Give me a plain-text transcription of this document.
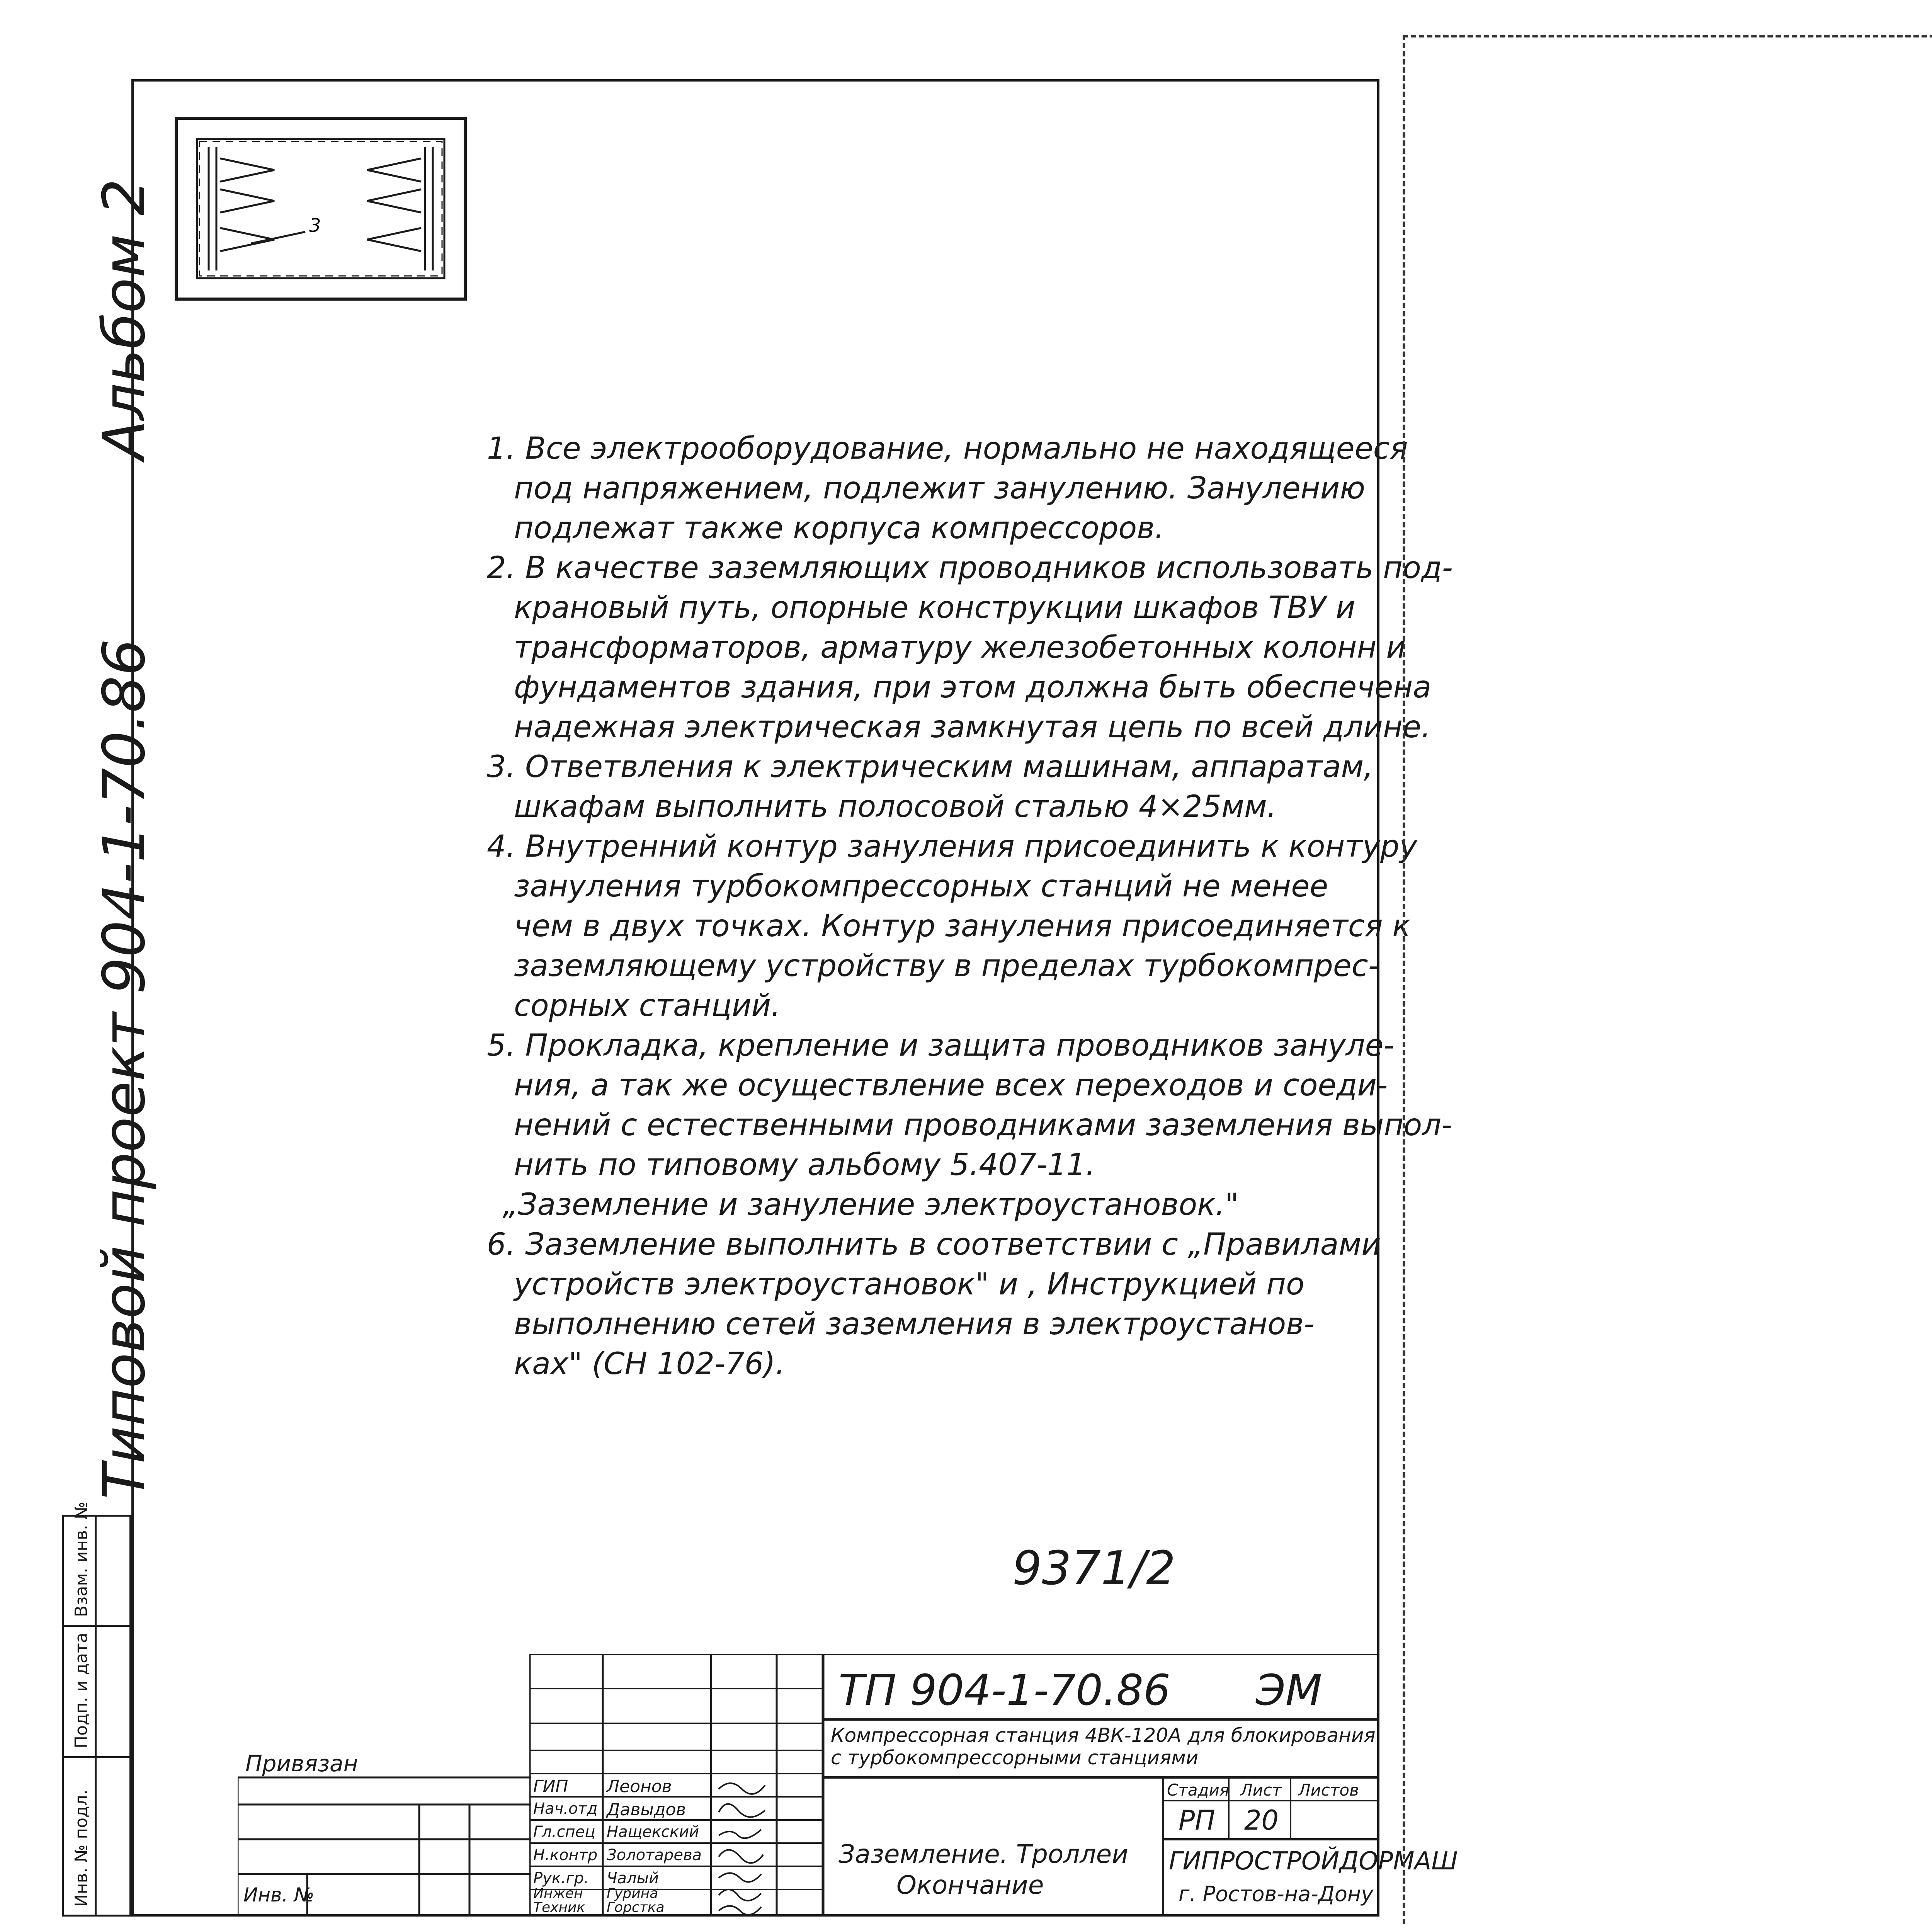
Альбом 2
Типовой проект 904-1-70.86
Инв. № подл.
Подп. и дата
Взам. инв. №
3
1. Все электрооборудование, нормально не находящееся
под напряжением, подлежит занулению. Занулению
подлежат также корпуса компрессоров.
2. В качестве заземляющих проводников использовать под-
крановый путь, опорные конструкции шкафов ТВУ и
трансформаторов, арматуру железобетонных колонн и
фундаментов здания, при этом должна быть обеспечена
надежная электрическая замкнутая цепь по всей длине.
3. Ответвления к электрическим машинам, аппаратам,
шкафам выполнить полосовой сталью 4×25мм.
4. Внутренний контур зануления присоединить к контуру
зануления турбокомпрессорных станций не менее
чем в двух точках. Контур зануления присоединяется к
заземляющему устройству в пределах турбокомпрес-
сорных станций.
5. Прокладка, крепление и защита проводников зануле-
ния, а так же осуществление всех переходов и соеди-
нений с естественными проводниками заземления выпол-
нить по типовому альбому 5.407-11.
„Заземление и зануление электроустановок."
6. Заземление выполнить в соответствии с „Правилами
устройств электроустановок" и , Инструкцией по
выполнению сетей заземления в электроустанов-
ках" (СН 102-76).
9371/2
Привязан
Инв. №
ТП 904-1-70.86 ЭМ
Компрессорная станция 4ВК-120А для блокирования
с турбокомпрессорными станциями
Заземление. Троллеи
Окончание
Стадия Лист Листов
РП 20
ГИПРОСТРОЙДОРМАШ
г. Ростов-на-Дону
ГИП
Нач.отд
Гл.спец
Н.контр
Рук.гр.
Инжен
Техник
Леонов
Давыдов
Нащекский
Золотарева
Чалый
Гурина
Горстка
